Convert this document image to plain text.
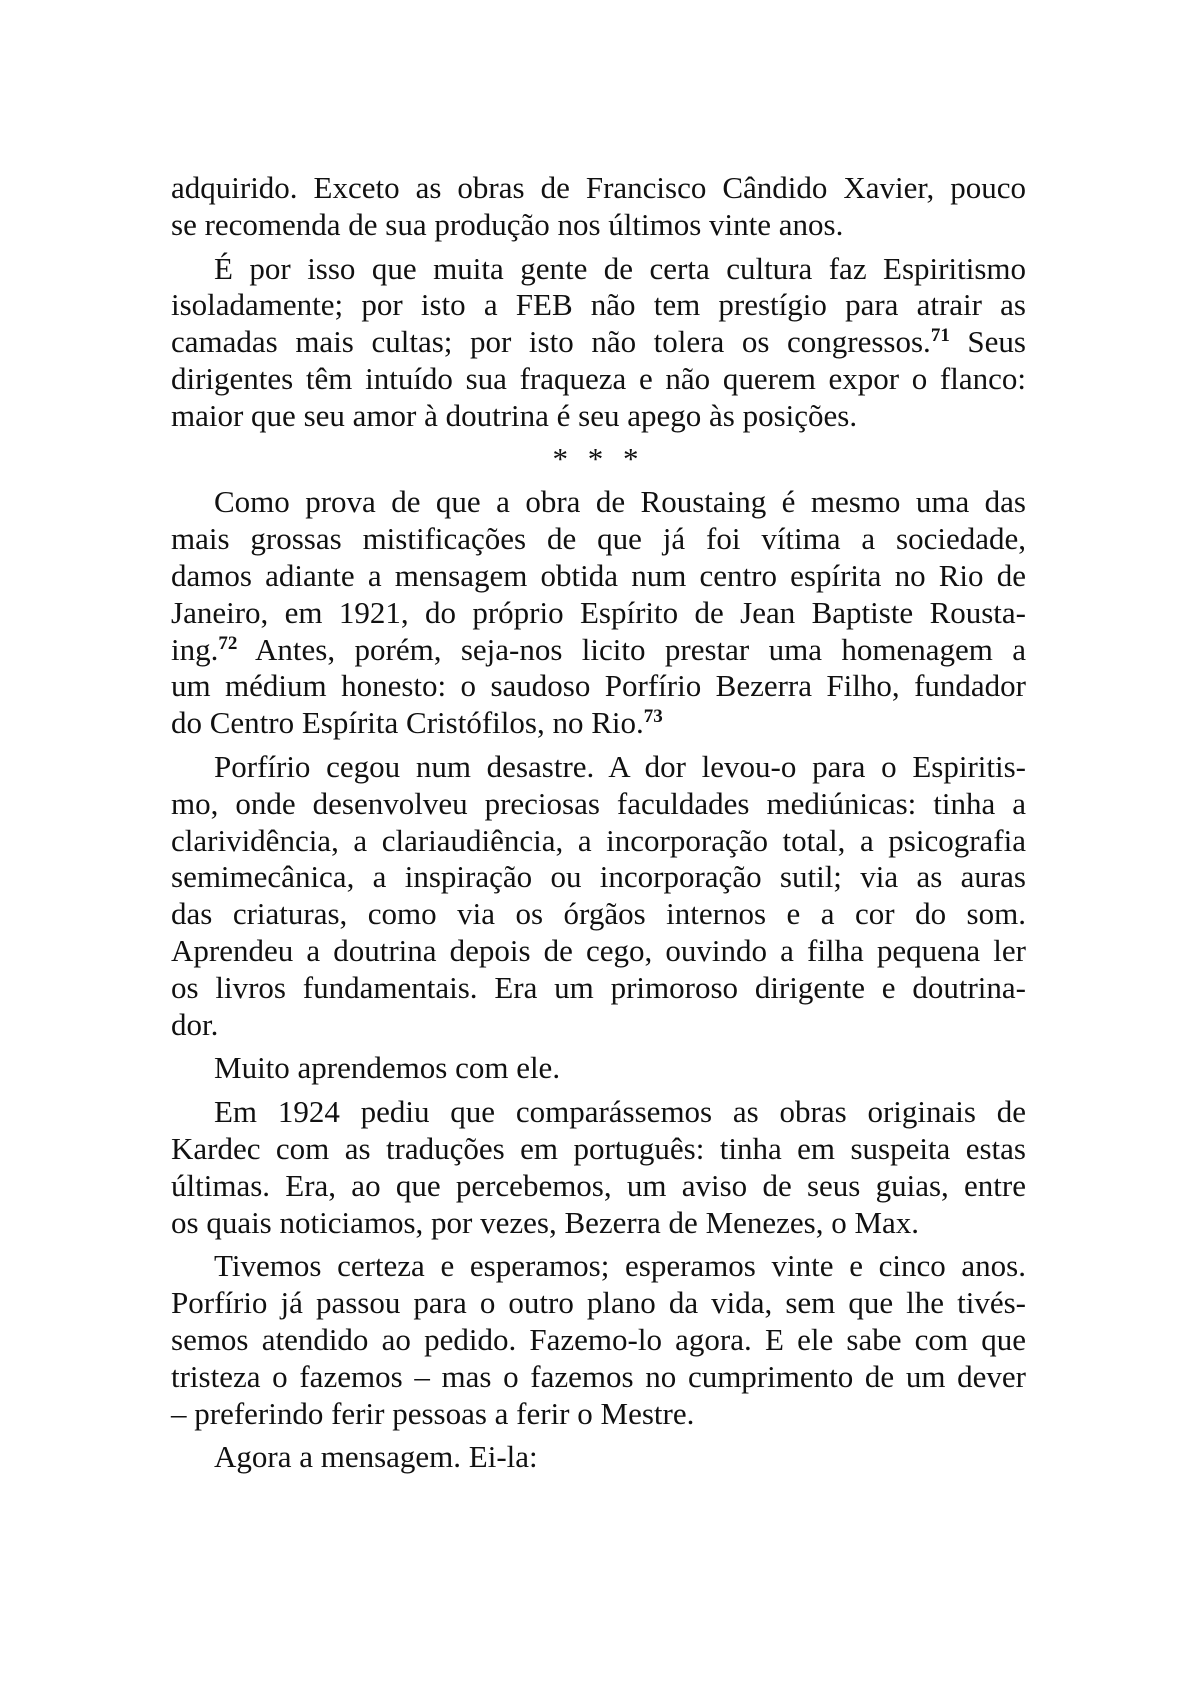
adquirido. Exceto as obras de Francisco Cândido Xavier, pouco
se recomenda de sua produção nos últimos vinte anos.
É por isso que muita gente de certa cultura faz Espiritismo
isoladamente; por isto a FEB não tem prestígio para atrair as
camadas mais cultas; por isto não tolera os congressos.$^{71}$ Seus
dirigentes têm intuído sua fraqueza e não querem expor o flanco:
maior que seu amor à doutrina é seu apego às posições.
* * *
Como prova de que a obra de Roustaing é mesmo uma das
mais grossas mistificações de que já foi vítima a sociedade,
damos adiante a mensagem obtida num centro espírita no Rio de
Janeiro, em 1921, do próprio Espírito de Jean Baptiste Rousta-
ing.$^{72}$ Antes, porém, seja-nos licito prestar uma homenagem a
um médium honesto: o saudoso Porfírio Bezerra Filho, fundador
do Centro Espírita Cristófilos, no Rio.$^{73}$
Porfírio cegou num desastre. A dor levou-o para o Espiritis-
mo, onde desenvolveu preciosas faculdades mediúnicas: tinha a
clarividência, a clariaudiência, a incorporação total, a psicografia
semimecânica, a inspiração ou incorporação sutil; via as auras
das criaturas, como via os órgãos internos e a cor do som.
Aprendeu a doutrina depois de cego, ouvindo a filha pequena ler
os livros fundamentais. Era um primoroso dirigente e doutrina-
dor.
Muito aprendemos com ele.
Em 1924 pediu que comparássemos as obras originais de
Kardec com as traduções em português: tinha em suspeita estas
últimas. Era, ao que percebemos, um aviso de seus guias, entre
os quais noticiamos, por vezes, Bezerra de Menezes, o Max.
Tivemos certeza e esperamos; esperamos vinte e cinco anos.
Porfírio já passou para o outro plano da vida, sem que lhe tivés-
semos atendido ao pedido. Fazemo-lo agora. E ele sabe com que
tristeza o fazemos – mas o fazemos no cumprimento de um dever
– preferindo ferir pessoas a ferir o Mestre.
Agora a mensagem. Ei-la:
